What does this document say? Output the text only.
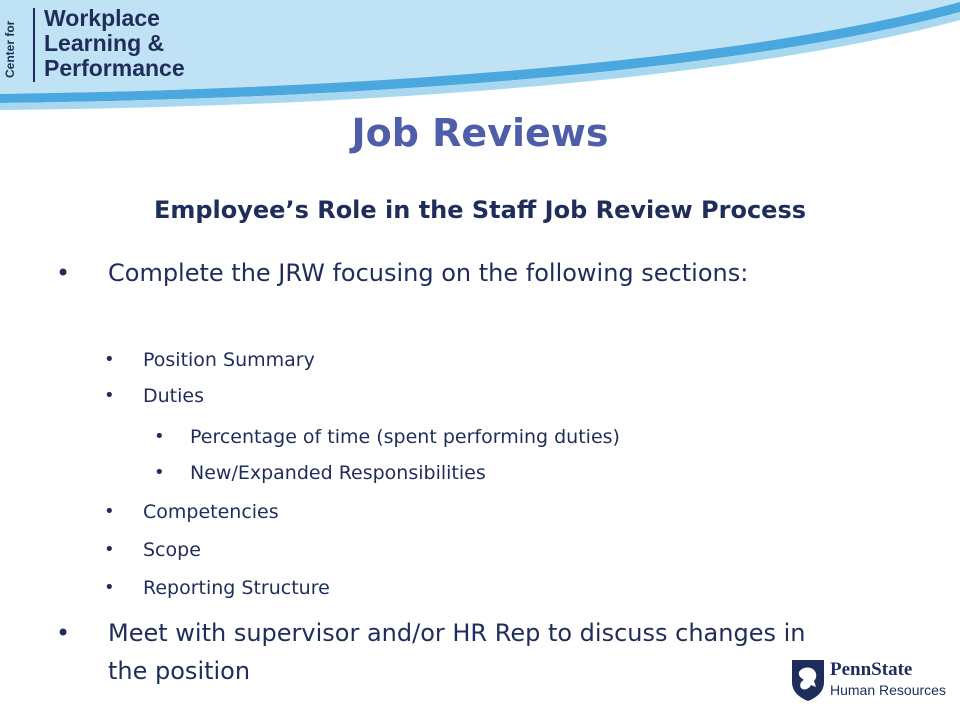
Center for
Workplace
Learning &
Performance
Job Reviews
Employee’s Role in the Staff Job Review Process
• Complete the JRW focusing on the following sections:
• Position Summary
• Duties
• Percentage of time (spent performing duties)
• New/Expanded Responsibilities
• Competencies
• Scope
• Reporting Structure
• Meet with supervisor and/or HR Rep to discuss changes in the position	PennState
Human Resources
